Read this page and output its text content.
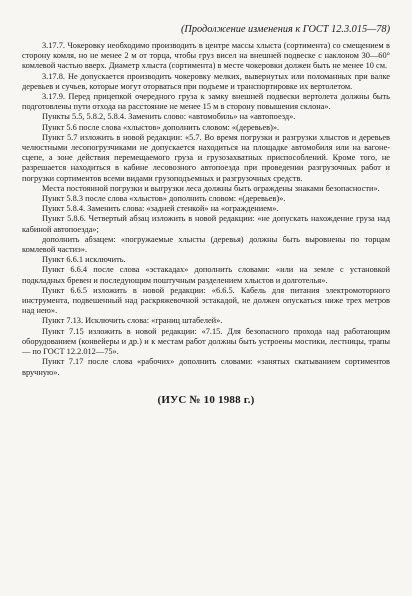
(Продолжение изменения к ГОСТ 12.3.015—78)

3.17.7. Чокеровку необходимо производить в центре массы хлыста (сортимента) со смещением в сторону комля, но не менее 2 м от торца, чтобы груз висел на внешней подвеске с наклоном 30—60° комлевой частью вверх. Диаметр хлыста (сортимента) в месте чокеровки должен быть не менее 10 см.

3.17.8. Не допускается производить чокеровку мелких, вывернутых или поломанных при валке деревьев и сучьев, которые могут оторваться при подъеме и транспортировке их вертолетом.

3.17.9. Перед прицепкой очередного груза к замку внешней подвески вертолета должны быть подготовлены пути отхода на расстояние не менее 15 м в сторону повышения склона».

Пункты 5.5, 5.8.2, 5.8.4. Заменить слово: «автомобиль» на «автопоезд».

Пункт 5.6 после слова «хлыстов» дополнить словом: «(деревьев)».

Пункт 5.7 изложить в новой редакции: «5.7. Во время погрузки и разгрузки хлыстов и деревьев челюстными лесопогрузчиками не допускается находиться на площадке автомобиля или на вагоне-сцепе, а зоне действия перемещаемого груза и грузозахватных приспособлений. Кроме того, не разрешается находиться в кабине лесовозного автопоезда при проведении разгрузочных работ и погрузки сортиментов всеми видами грузоподъемных и разгрузочных средств.

Места постоянной погрузки и выгрузки леса должны быть ограждены знаками безопасности».

Пункт 5.8.3 после слова «хлыстов» дополнить словом: «(деревьев)».

Пункт 5.8.4. Заменить слова: «задней стенкой» на «ограждением».

Пункт 5.8.6. Четвертый абзац изложить в новой редакции: «не допускать нахождение груза над кабиной автопоезда»;

дополнить абзацем: «погружаемые хлысты (деревья) должны быть выровнены по торцам комлевой частиэ».

Пункт 6.6.1 исключить.

Пункт 6.6.4 после слова «эстакадах» дополнить словами: «или на земле с установкой подкладных бревен и последующим поштучным разделением хлыстов и долготелья».

Пункт 6.6.5 изложить в новой редакции: «6.6.5. Кабель для питания электромоторного инструмента, подвешенный над раскряжевочной эстакадой, не должен опускаться ниже трех метров над нею».

Пункт 7.13. Исключить слова: «границ штабелей».

Пункт 7.15 изложить в новой редакции: «7.15. Для безопасного прохода над работающим оборудованием (конвейеры и др.) и к местам работ должны быть устроены мостики, лестницы, трапы — по ГОСТ 12.2.012—75».

Пункт 7.17 после слова «рабочих» дополнить словами: «занятых скатыванием сортиментов вручную».

(ИУС № 10 1988 г.)
